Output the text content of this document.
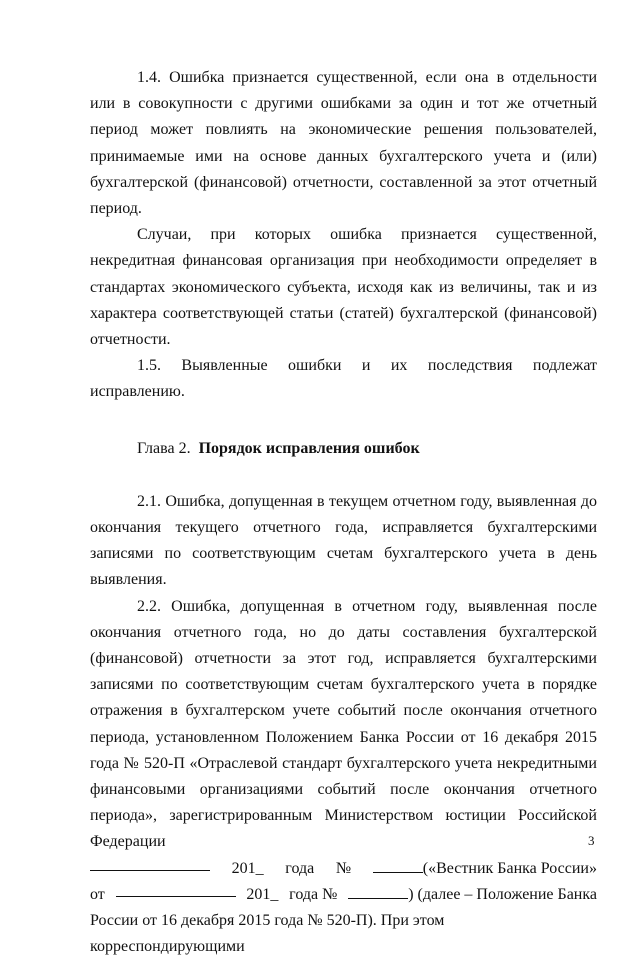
1.4. Ошибка признается существенной, если она в отдельности или в совокупности с другими ошибками за один и тот же отчетный период может повлиять на экономические решения пользователей, принимаемые ими на основе данных бухгалтерского учета и (или) бухгалтерской (финансовой) отчетности, составленной за этот отчетный период.

Случаи, при которых ошибка признается существенной, некредитная финансовая организация при необходимости определяет в стандартах экономического субъекта, исходя как из величины, так и из характера соответствующей статьи (статей) бухгалтерской (финансовой) отчетности.

1.5. Выявленные ошибки и их последствия подлежат исправлению.

Глава 2. Порядок исправления ошибок

2.1. Ошибка, допущенная в текущем отчетном году, выявленная до окончания текущего отчетного года, исправляется бухгалтерскими записями по соответствующим счетам бухгалтерского учета в день выявления.

2.2. Ошибка, допущенная в отчетном году, выявленная после окончания отчетного года, но до даты составления бухгалтерской (финансовой) отчетности за этот год, исправляется бухгалтерскими записями по соответствующим счетам бухгалтерского учета в порядке отражения в бухгалтерском учете событий после окончания отчетного периода, установленном Положением Банка России от 16 декабря 2015 года № 520-П «Отраслевой стандарт бухгалтерского учета некредитными финансовыми организациями событий после окончания отчетного периода», зарегистрированным Министерством юстиции Российской Федерации

201_ года №	(«Вестник Банка России»
от	201_ года №	) (далее – Положение Банка
России от 16 декабря 2015 года № 520-П). При этом корреспондирующими
3
